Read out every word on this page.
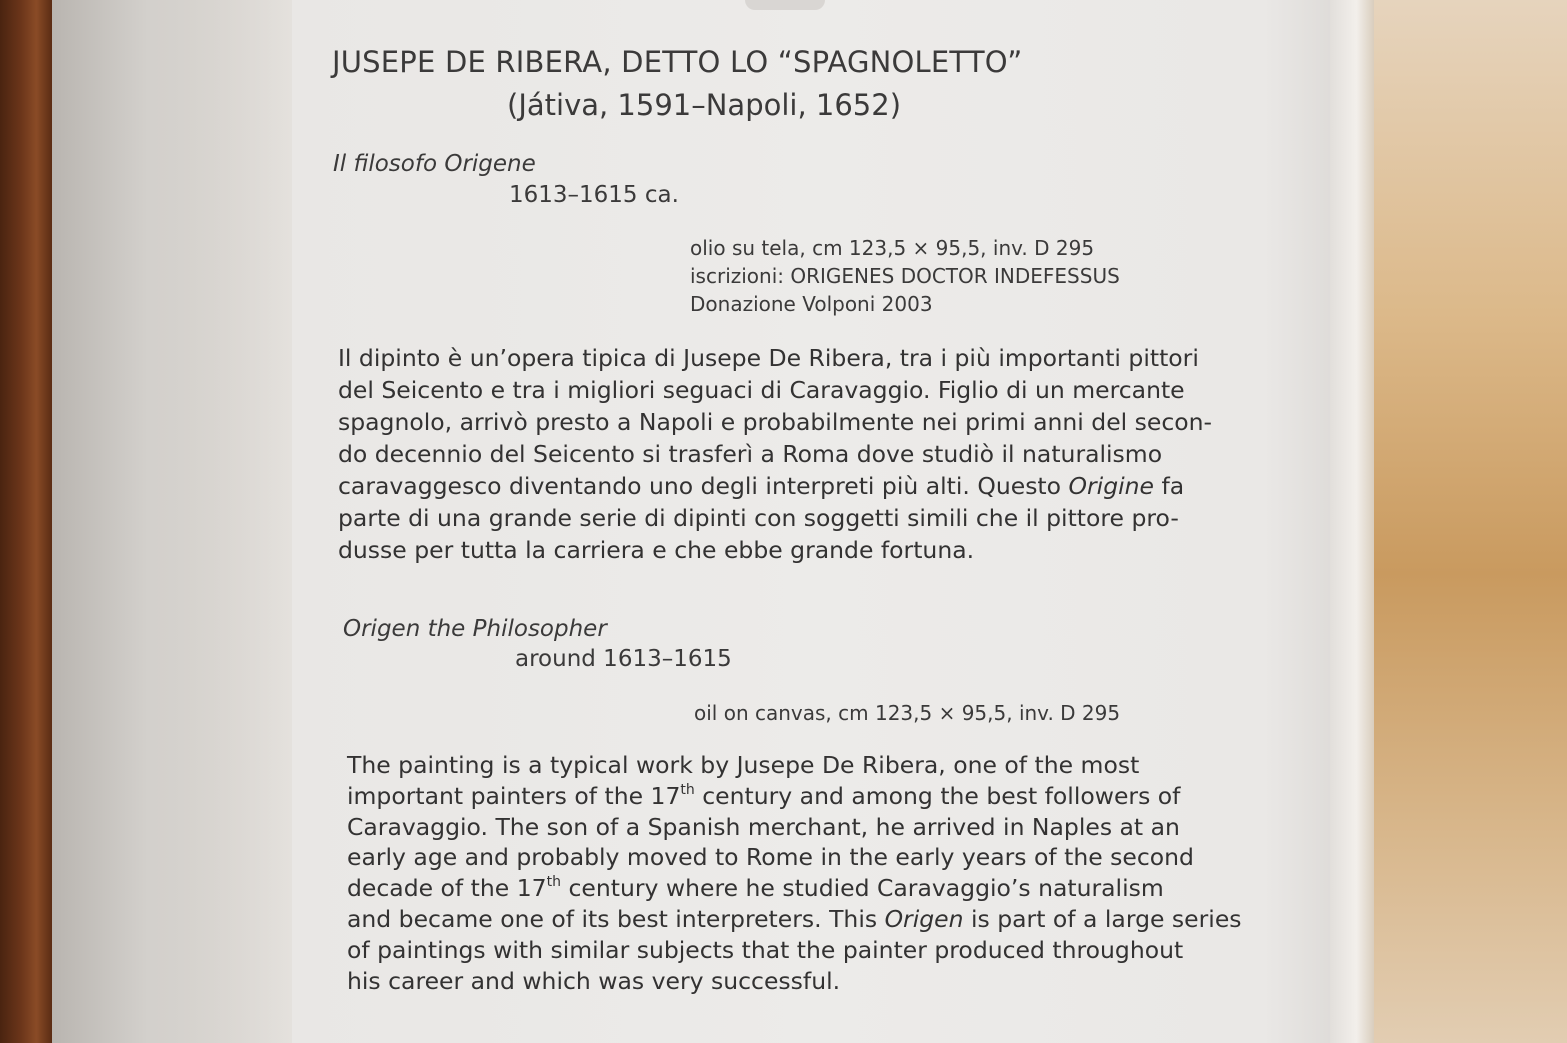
JUSEPE DE RIBERA, DETTO LO “SPAGNOLETTO”
(Játiva, 1591–Napoli, 1652)
Il filosofo Origene
1613–1615 ca.
olio su tela, cm 123,5 × 95,5, inv. D 295
iscrizioni: ORIGENES DOCTOR INDEFESSUS
Donazione Volponi 2003
Il dipinto è un’opera tipica di Jusepe De Ribera, tra i più importanti pittori
del Seicento e tra i migliori seguaci di Caravaggio. Figlio di un mercante
spagnolo, arrivò presto a Napoli e probabilmente nei primi anni del secon-
do decennio del Seicento si trasferì a Roma dove studiò il naturalismo
caravaggesco diventando uno degli interpreti più alti. Questo Origine fa
parte di una grande serie di dipinti con soggetti simili che il pittore pro-
dusse per tutta la carriera e che ebbe grande fortuna.
Origen the Philosopher
around 1613–1615
oil on canvas, cm 123,5 × 95,5, inv. D 295
The painting is a typical work by Jusepe De Ribera, one of the most
important painters of the 17th century and among the best followers of
Caravaggio. The son of a Spanish merchant, he arrived in Naples at an
early age and probably moved to Rome in the early years of the second
decade of the 17th century where he studied Caravaggio’s naturalism
and became one of its best interpreters. This Origen is part of a large series
of paintings with similar subjects that the painter produced throughout
his career and which was very successful.
